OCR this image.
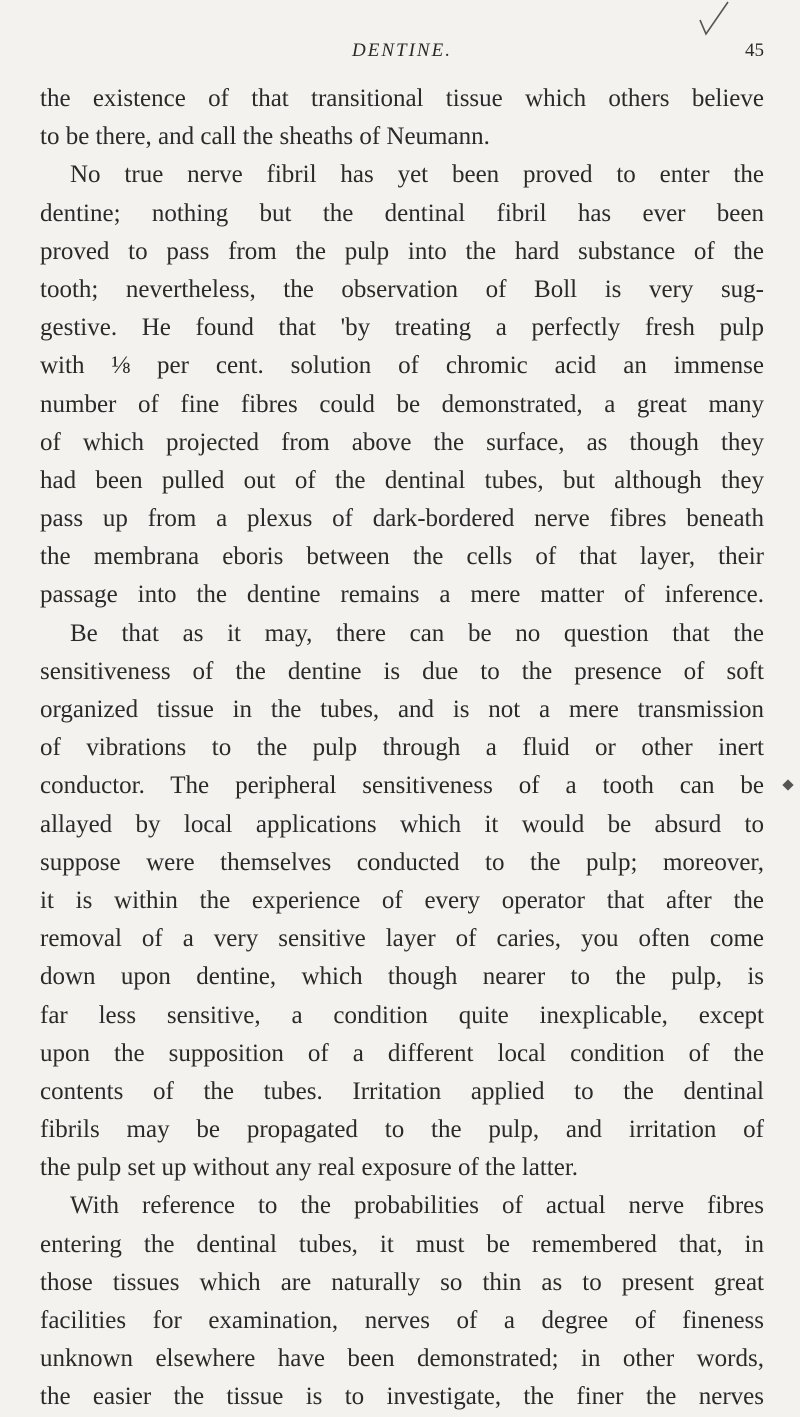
DENTINE.	45
the existence of that transitional tissue which others believe
to be there, and call the sheaths of Neumann.
No true nerve fibril has yet been proved to enter the
dentine; nothing but the dentinal fibril has ever been
proved to pass from the pulp into the hard substance of the
tooth; nevertheless, the observation of Boll is very sug-
gestive. He found that 'by treating a perfectly fresh pulp
with ⅛ per cent. solution of chromic acid an immense
number of fine fibres could be demonstrated, a great many
of which projected from above the surface, as though they
had been pulled out of the dentinal tubes, but although they
pass up from a plexus of dark-bordered nerve fibres beneath
the membrana eboris between the cells of that layer, their
passage into the dentine remains a mere matter of inference.
Be that as it may, there can be no question that the
sensitiveness of the dentine is due to the presence of soft
organized tissue in the tubes, and is not a mere transmission
of vibrations to the pulp through a fluid or other inert
conductor. The peripheral sensitiveness of a tooth can be
allayed by local applications which it would be absurd to
suppose were themselves conducted to the pulp; moreover,
it is within the experience of every operator that after the
removal of a very sensitive layer of caries, you often come
down upon dentine, which though nearer to the pulp, is
far less sensitive, a condition quite inexplicable, except
upon the supposition of a different local condition of the
contents of the tubes. Irritation applied to the dentinal
fibrils may be propagated to the pulp, and irritation of
the pulp set up without any real exposure of the latter.
With reference to the probabilities of actual nerve fibres
entering the dentinal tubes, it must be remembered that, in
those tissues which are naturally so thin as to present great
facilities for examination, nerves of a degree of fineness
unknown elsewhere have been demonstrated; in other words,
the easier the tissue is to investigate, the finer the nerves
